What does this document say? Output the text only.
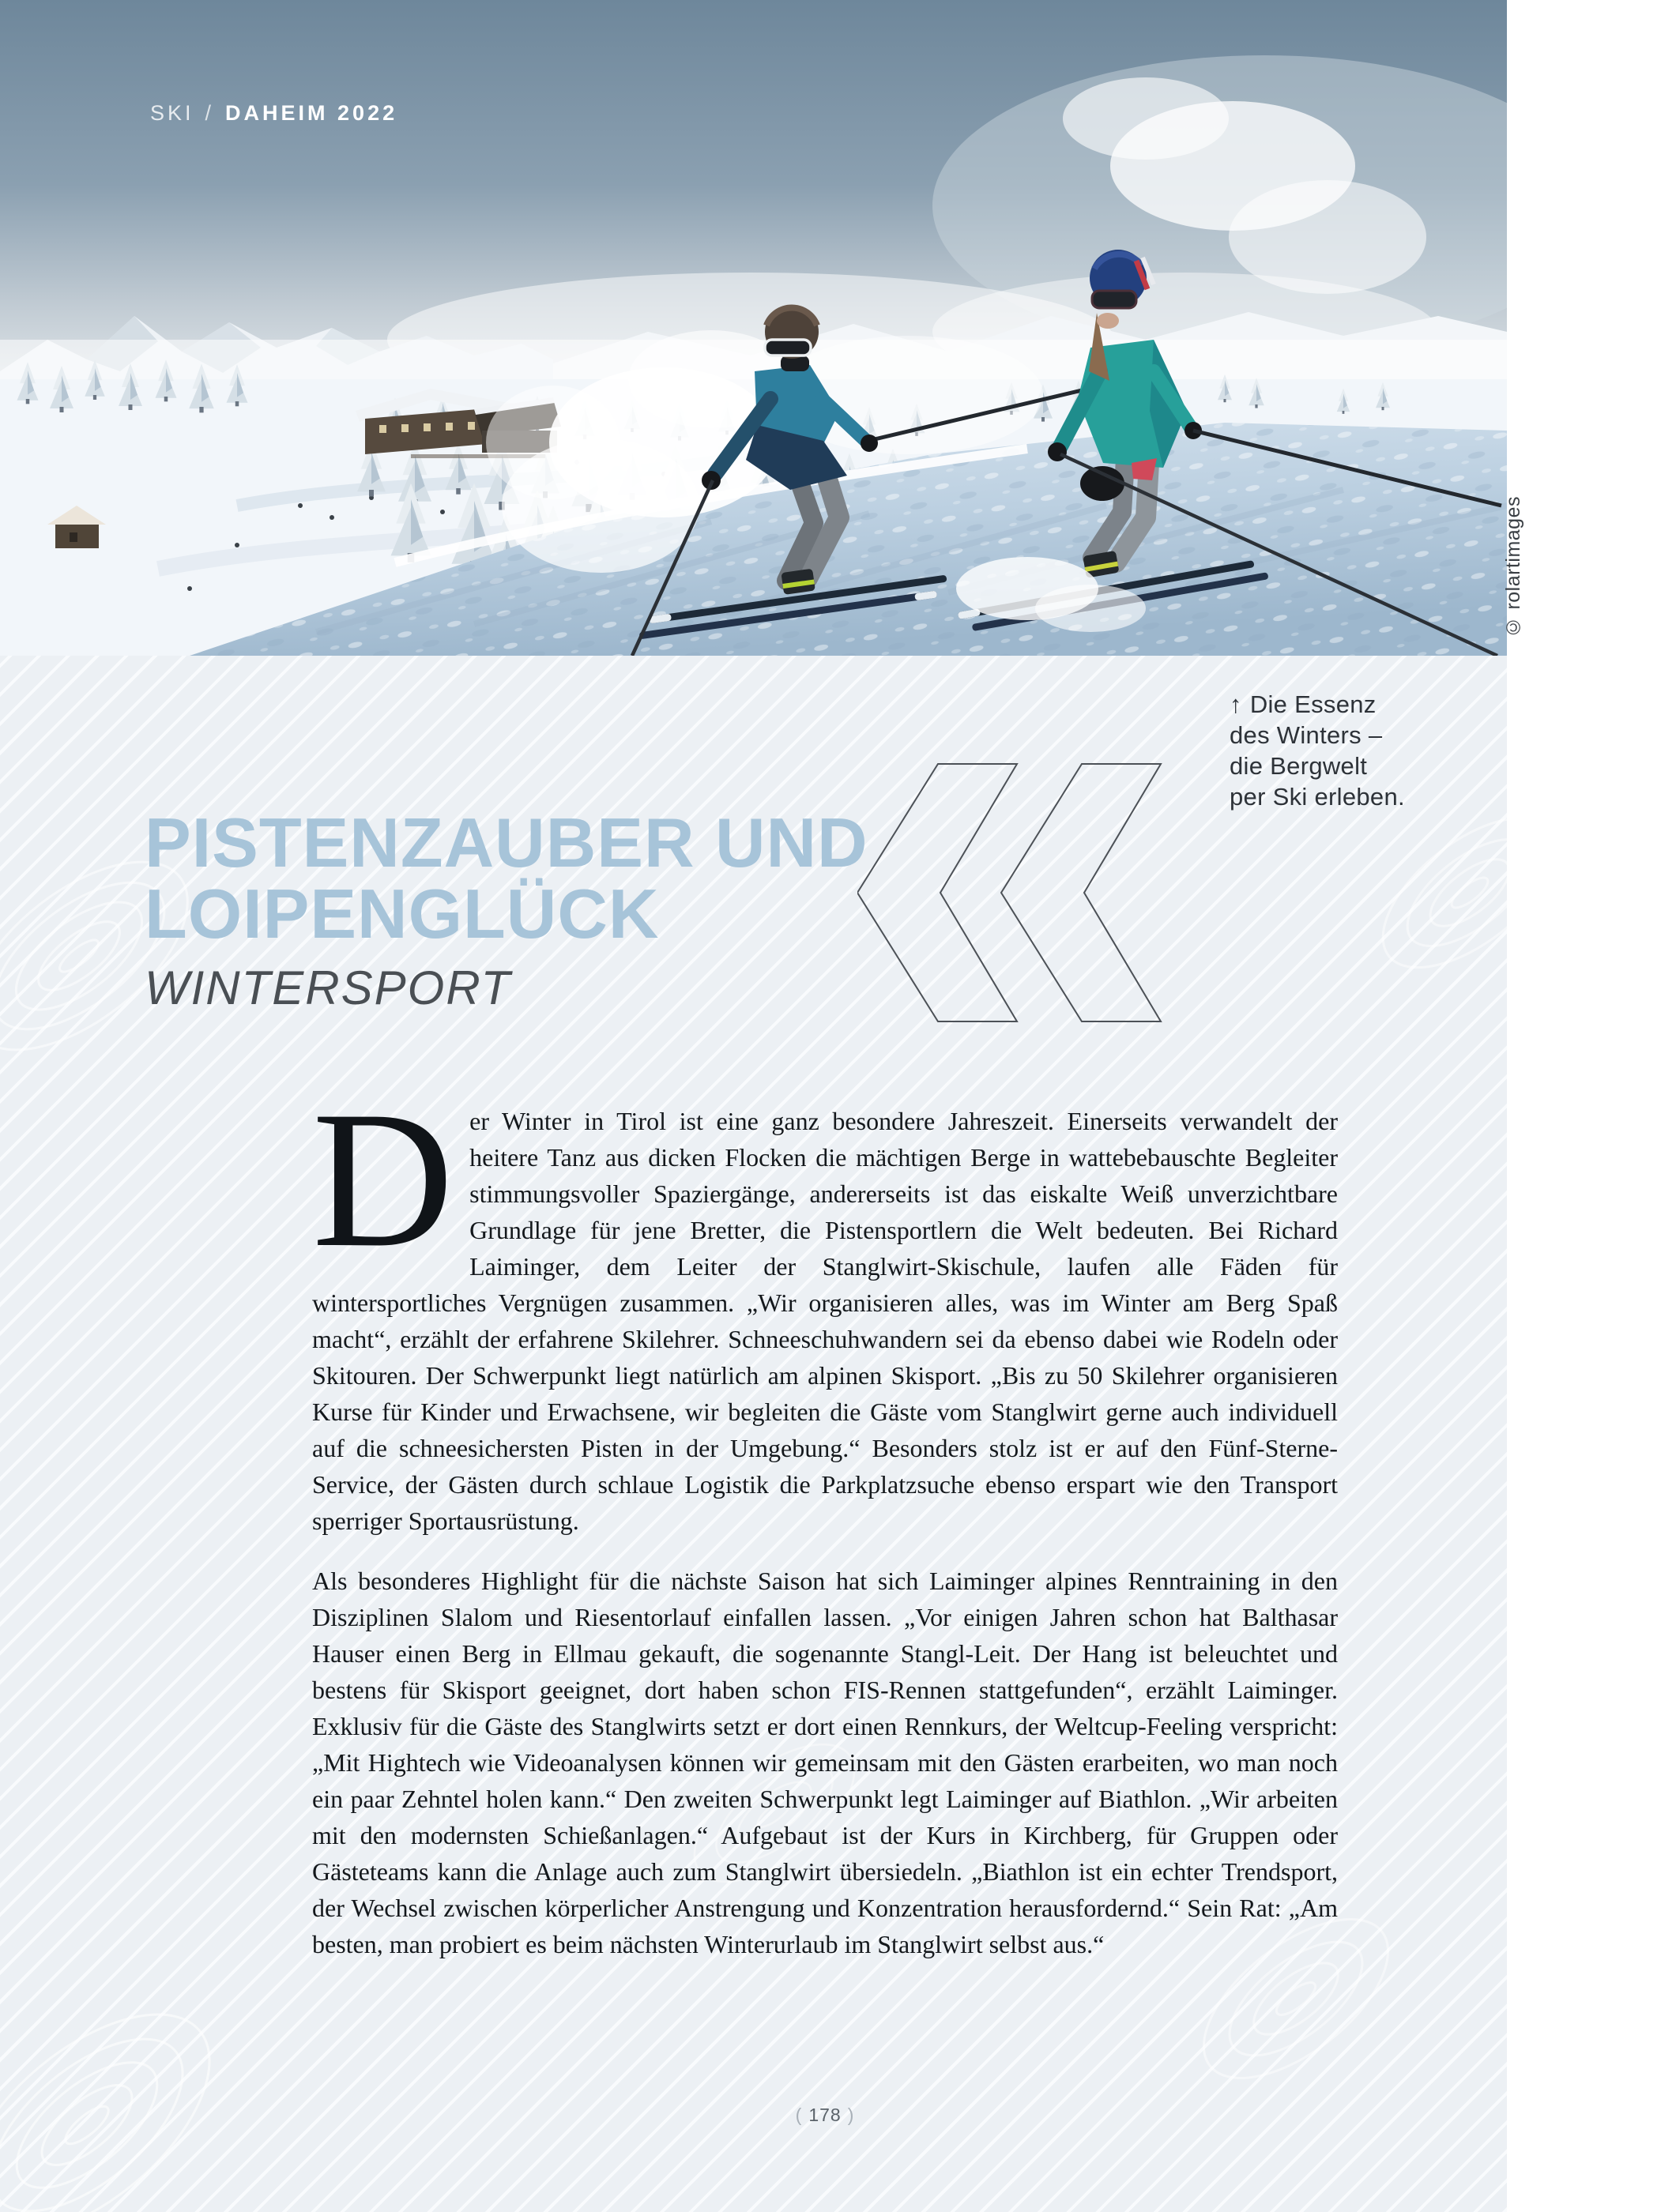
SKI / DAHEIM 2022
© rolartimages
↑ Die Essenz
des Winters –
die Bergwelt
per Ski erleben.
PISTENZAUBER UND
LOIPENGLÜCK
WINTERSPORT

Der Winter in Tirol ist eine ganz besondere Jahreszeit. Einerseits verwandelt der heitere Tanz aus dicken Flocken die mächtigen Berge in wattebebauschte Begleiter stimmungsvoller Spaziergänge, andererseits ist das eiskalte Weiß unverzichtbare Grundlage für jene Bretter, die Pistensportlern die Welt bedeuten. Bei Richard Laiminger, dem Leiter der Stanglwirt-Skischule, laufen alle Fäden für wintersportliches Vergnügen zusammen. „Wir organisieren alles, was im Winter am Berg Spaß macht“, erzählt der erfahrene Skilehrer. Schneeschuhwandern sei da ebenso dabei wie Rodeln oder Skitouren. Der Schwerpunkt liegt natürlich am alpinen Skisport. „Bis zu 50 Skilehrer organisieren Kurse für Kinder und Erwachsene, wir begleiten die Gäste vom Stanglwirt gerne auch individuell auf die schneesichersten Pisten in der Umgebung.“ Besonders stolz ist er auf den Fünf-Sterne-Service, der Gästen durch schlaue Logistik die Parkplatzsuche ebenso erspart wie den Transport sperriger Sportausrüstung.

Als besonderes Highlight für die nächste Saison hat sich Laiminger alpines Renntraining in den Disziplinen Slalom und Riesentorlauf einfallen lassen. „Vor einigen Jahren schon hat Balthasar Hauser einen Berg in Ellmau gekauft, die sogenannte Stangl-Leit. Der Hang ist beleuchtet und bestens für Skisport geeignet, dort haben schon FIS-Rennen stattgefunden“, erzählt Laiminger. Exklusiv für die Gäste des Stanglwirts setzt er dort einen Rennkurs, der Weltcup-Feeling verspricht: „Mit Hightech wie Videoanalysen können wir gemeinsam mit den Gästen erarbeiten, wo man noch ein paar Zehntel holen kann.“ Den zweiten Schwerpunkt legt Laiminger auf Biathlon. „Wir arbeiten mit den modernsten Schießanlagen.“ Aufgebaut ist der Kurs in Kirchberg, für Gruppen oder Gästeteams kann die Anlage auch zum Stanglwirt übersiedeln. „Biathlon ist ein echter Trendsport, der Wechsel zwischen körperlicher Anstrengung und Konzentration herausfordernd.“ Sein Rat: „Am besten, man probiert es beim nächsten Winterurlaub im Stanglwirt selbst aus.“

( 178 )
